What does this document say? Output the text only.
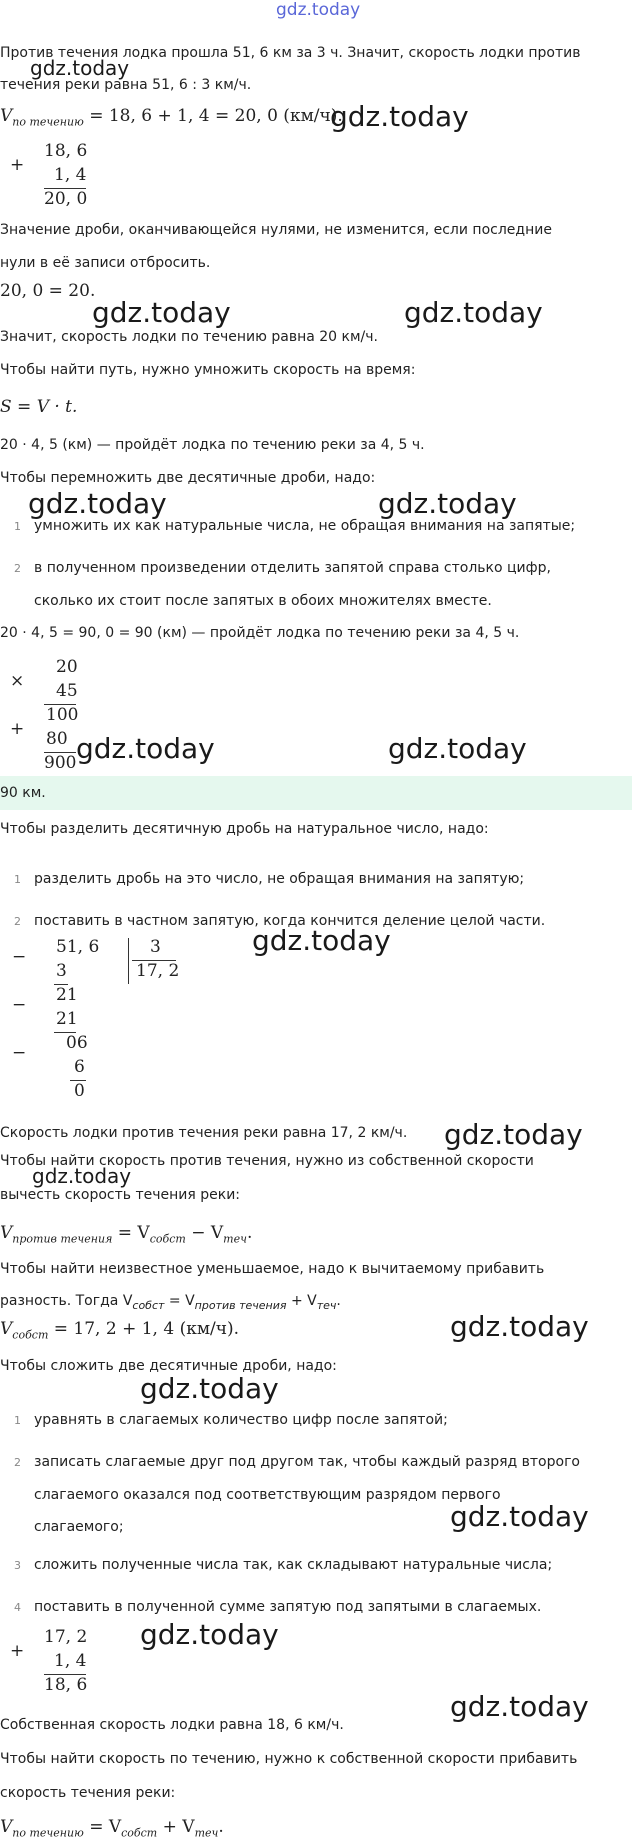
gdz.today
Против течения лодка прошла 51, 6 км за 3 ч. Значит, скорость лодки против
gdz.today
течения реки равна 51, 6 : 3 км/ч.
$V_{по течению} = 18$, 6 + 1, 4 = 20, 0 (км/ч).
gdz.today
+
18, 6
1, 4
20, 0
Значение дроби, оканчивающейся нулями, не изменится, если последние
нули в её записи отбросить.
20, 0 = 20.
gdz.today	gdz.today
Значит, скорость лодки по течению равна 20 км/ч.
Чтобы найти путь, нужно умножить скорость на время:
S = V · t.
20 · 4, 5 (км) — пройдёт лодка по течению реки за 4, 5 ч.
Чтобы перемножить две десятичные дроби, надо:
gdz.today	gdz.today
1 умножить их как натуральные числа, не обращая внимания на запятые;
2 в полученном произведении отделить запятой справа столько цифр,
сколько их стоит после запятых в обоих множителях вместе.
20 · 4, 5 = 90, 0 = 90 (км) — пройдёт лодка по течению реки за 4, 5 ч.
×
20
45
100
+ 80
900 gdz.today	gdz.today
90 км.
Чтобы разделить десятичную дробь на натуральное число, надо:
1 разделить дробь на это число, не обращая внимания на запятую;
2 поставить в частном запятую, когда кончится деление целой части.
− 51, 6	3
17, 2
3
− 21
21
− 06
6
0
gdz.today
Скорость лодки против течения реки равна 17, 2 км/ч. gdz.today
Чтобы найти скорость против течения, нужно из собственной скорости
gdz.today
вычесть скорость течения реки:
$V_{против течения} = V_{собст} - V_{теч}$.
Чтобы найти неизвестное уменьшаемое, надо к вычитаемому прибавить
разность. Тогда $V_{собст} = V_{против течения} + V_{теч}$.
$V_{собст} = 17$, 2 + 1, 4 (км/ч).	gdz.today
Чтобы сложить две десятичные дроби, надо:
gdz.today
1 уравнять в слагаемых количество цифр после запятой;
2 записать слагаемые друг под другом так, чтобы каждый разряд второго
слагаемого оказался под соответствующим разрядом первого
слагаемого;	gdz.today
3 сложить полученные числа так, как складывают натуральные числа;
4 поставить в полученной сумме запятую под запятыми в слагаемых.
+
17, 2
1, 4
18, 6
gdz.today
Собственная скорость лодки равна 18, 6 км/ч.
gdz.today
Чтобы найти скорость по течению, нужно к собственной скорости прибавить
скорость течения реки:
$V_{по течению} = V_{собст} + V_{теч}$.
